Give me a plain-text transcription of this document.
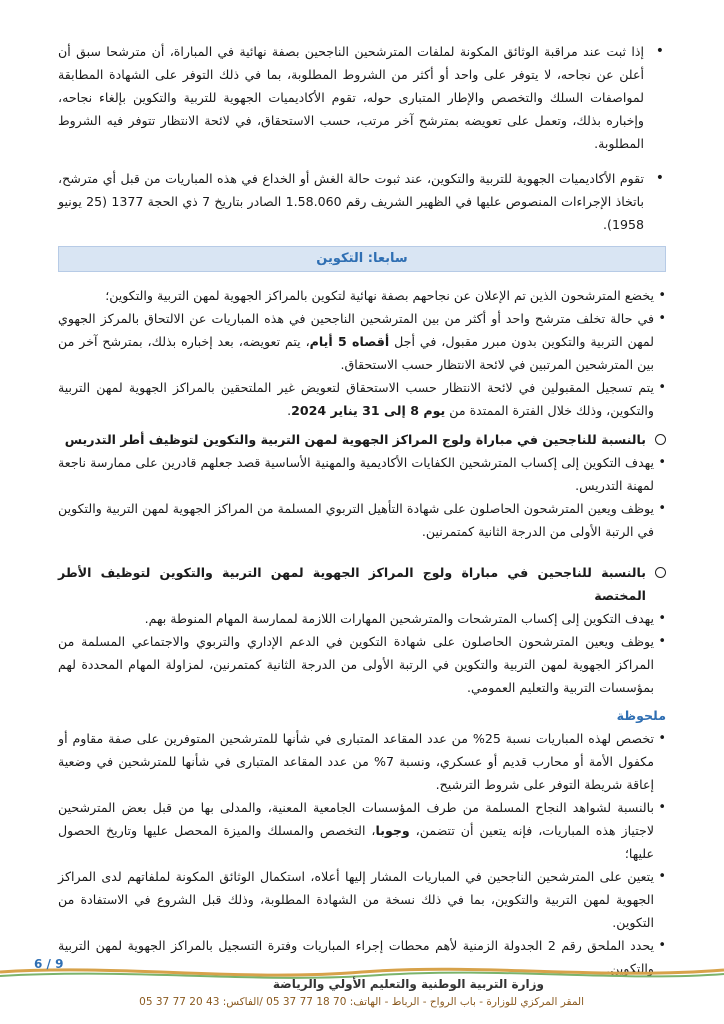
•
إذا ثبت عند مراقبة الوثائق المكونة لملفات المترشحين الناجحين بصفة نهائية في المباراة، أن مترشحا سبق أن أعلن عن نجاحه، لا يتوفر على واحد أو أكثر من الشروط المطلوبة، بما في ذلك التوفر على الشهادة المطابقة لمواصفات السلك والتخصص والإطار المتبارى حوله، تقوم الأكاديميات الجهوية للتربية والتكوين بإلغاء نجاحه، وإخباره بذلك، وتعمل على تعويضه بمترشح آخر مرتب، حسب الاستحقاق، في لائحة الانتظار تتوفر فيه الشروط المطلوبة.
•
تقوم الأكاديميات الجهوية للتربية والتكوين، عند ثبوت حالة الغش أو الخداع في هذه المباريات من قبل أي مترشح، باتخاذ الإجراءات المنصوص عليها في الظهير الشريف رقم 1.58.060 الصادر بتاريخ 7 ذي الحجة 1377 (25 يونيو 1958).
سابعا: التكوين
•
يخضع المترشحون الذين تم الإعلان عن نجاحهم بصفة نهائية لتكوين بالمراكز الجهوية لمهن التربية والتكوين؛
•
في حالة تخلف مترشح واحد أو أكثر من بين المترشحين الناجحين في هذه المباريات عن الالتحاق بالمركز الجهوي لمهن التربية والتكوين بدون مبرر مقبول، في أجل أقصاه 5 أيام، يتم تعويضه، بعد إخباره بذلك، بمترشح آخر من بين المترشحين المرتبين في لائحة الانتظار حسب الاستحقاق.
•
يتم تسجيل المقبولين في لائحة الانتظار حسب الاستحقاق لتعويض غير الملتحقين بالمراكز الجهوية لمهن التربية والتكوين، وذلك خلال الفترة الممتدة من يوم 8 إلى 31 يناير 2024.
بالنسبة للناجحين في مباراة ولوج المراكز الجهوية لمهن التربية والتكوين لتوظيف أطر التدريس
•
يهدف التكوين إلى إكساب المترشحين الكفايات الأكاديمية والمهنية الأساسية قصد جعلهم قادرين على ممارسة ناجعة لمهنة التدريس.
•
يوظف ويعين المترشحون الحاصلون على شهادة التأهيل التربوي المسلمة من المراكز الجهوية لمهن التربية والتكوين في الرتبة الأولى من الدرجة الثانية كمتمرنين.
بالنسبة للناجحين في مباراة ولوج المراكز الجهوية لمهن التربية والتكوين لتوظيف الأطر المختصة
•
يهدف التكوين إلى إكساب المترشحات والمترشحين المهارات اللازمة لممارسة المهام المنوطة بهم.
•
يوظف ويعين المترشحون الحاصلون على شهادة التكوين في الدعم الإداري والتربوي والاجتماعي المسلمة من المراكز الجهوية لمهن التربية والتكوين في الرتبة الأولى من الدرجة الثانية كمتمرنين، لمزاولة المهام المحددة لهم بمؤسسات التربية والتعليم العمومي.
ملحوظة
•
تخصص لهذه المباريات نسبة 25% من عدد المقاعد المتبارى في شأنها للمترشحين المتوفرين على صفة مقاوم أو مكفول الأمة أو محارب قديم أو عسكري، ونسبة 7% من عدد المقاعد المتبارى في شأنها للمترشحين في وضعية إعاقة شريطة التوفر على شروط الترشيح.
•
بالنسبة لشواهد النجاح المسلمة من طرف المؤسسات الجامعية المعنية، والمدلى بها من قبل بعض المترشحين لاجتياز هذه المباريات، فإنه يتعين أن تتضمن، وجوبا، التخصص والمسلك والميزة المحصل عليها وتاريخ الحصول عليها؛
•
يتعين على المترشحين الناجحين في المباريات المشار إليها أعلاه، استكمال الوثائق المكونة لملفاتهم لدى المراكز الجهوية لمهن التربية والتكوين، بما في ذلك نسخة من الشهادة المطلوبة، وذلك قبل الشروع في الاستفادة من التكوين.
•
يحدد الملحق رقم 2 الجدولة الزمنية لأهم محطات إجراء المباريات وفترة التسجيل بالمراكز الجهوية لمهن التربية والتكوين.
6 / 9
وزارة التربية الوطنية والتعليم الأولي والرياضة
المقر المركزي للوزارة - باب الرواح - الرباط - الهاتف: 70 18 77 37 05 /الفاكس: 43 20 77 37 05
